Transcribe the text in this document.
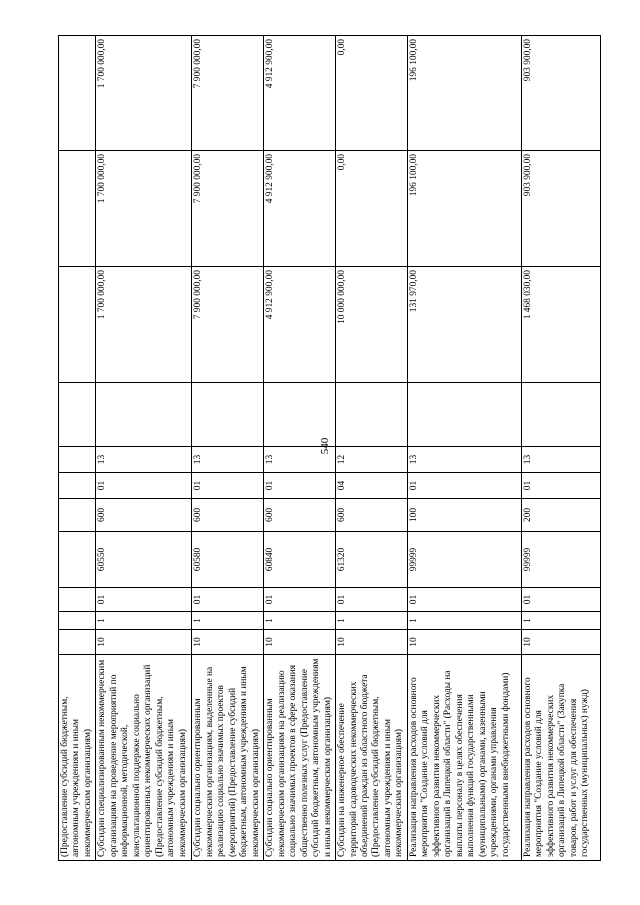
540
(Предоставление субсидий бюджетным, автономным учреждениям и иным некоммерческим организациям)											
Субсидии специализированным некоммерческим организациям на проведение мероприятий по информационной, методической, консультационной поддержке социально ориентированных некоммерческих организаций (Предоставление субсидий бюджетным, автономным учреждениям и иным некоммерческим организациям)	10	1	01	60550	600	01	13		1 700 000,00	1 700 000,00	1 700 000,00
Субсидии социально ориентированным некоммерческим организациям, выделенные на реализацию социально значимых проектов (мероприятий) (Предоставление субсидий бюджетным, автономным учреждениям и иным некоммерческим организациям)	10	1	01	60580	600	01	13		7 900 000,00	7 900 000,00	7 900 000,00
Субсидии социально ориентированным некоммерческим организациям на реализацию социально значимых проектов в сфере оказания общественно полезных услуг (Предоставление субсидий бюджетным, автономным учреждениям и иным некоммерческим организациям)	10	1	01	60840	600	01	13		4 912 900,00	4 912 900,00	4 912 900,00
Субсидии на инженерное обеспечение территорий садоводческих некоммерческих объединений граждан из областного бюджета (Предоставление субсидий бюджетным, автономным учреждениям и иным некоммерческим организациям)	10	1	01	61320	600	04	12		10 000 000,00	0,00	0,00
Реализация направления расходов основного мероприятия "Создание условий для эффективного развития некоммерческих организаций в Липецкой области" (Расходы на выплаты персоналу в целях обеспечения выполнения функций государственными (муниципальными) органами, казенными учреждениями, органами управления государственными внебюджетными фондами)	10	1	01	99999	100	01	13		131 970,00	196 100,00	196 100,00
Реализация направления расходов основного мероприятия "Создание условий для эффективного развития некоммерческих организаций в Липецкой области" (Закупка товаров, работ и услуг для обеспечения государственных (муниципальных) нужд)	10	1	01	99999	200	01	13		1 468 030,00	903 900,00	903 900,00
